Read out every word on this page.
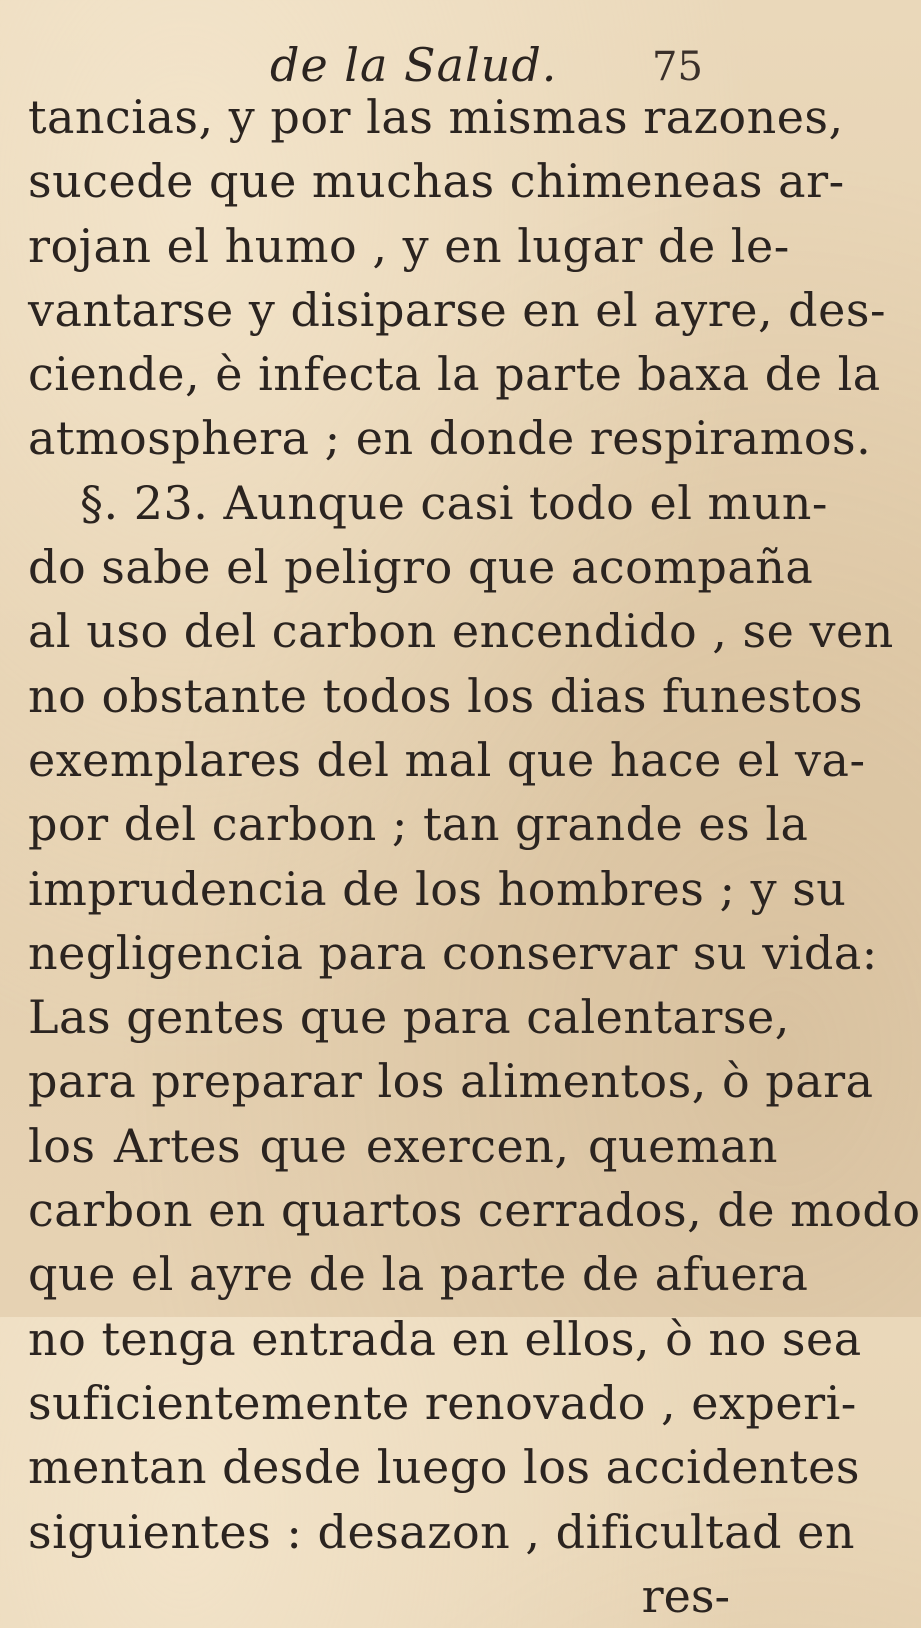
de la Salud. 75
tancias, y por las mismas razones,
sucede que muchas chimeneas ar-
rojan el humo , y en lugar de le-
vantarse y disiparse en el ayre, des-
ciende, è infecta la parte baxa de la
atmosphera ; en donde respiramos.
§. 23. Aunque casi todo el mun-
do sabe el peligro que acompaña
al uso del carbon encendido , se ven
no obstante todos los dias funestos
exemplares del mal que hace el va-
por del carbon ; tan grande es la
imprudencia de los hombres ; y su
negligencia para conservar su vida:
Las gentes que para calentarse,
para preparar los alimentos, ò para
los Artes que exercen, queman
carbon en quartos cerrados, de modo
que el ayre de la parte de afuera
no tenga entrada en ellos, ò no sea
suficientemente renovado , experi-
mentan desde luego los accidentes
siguientes : desazon , dificultad en
res-
